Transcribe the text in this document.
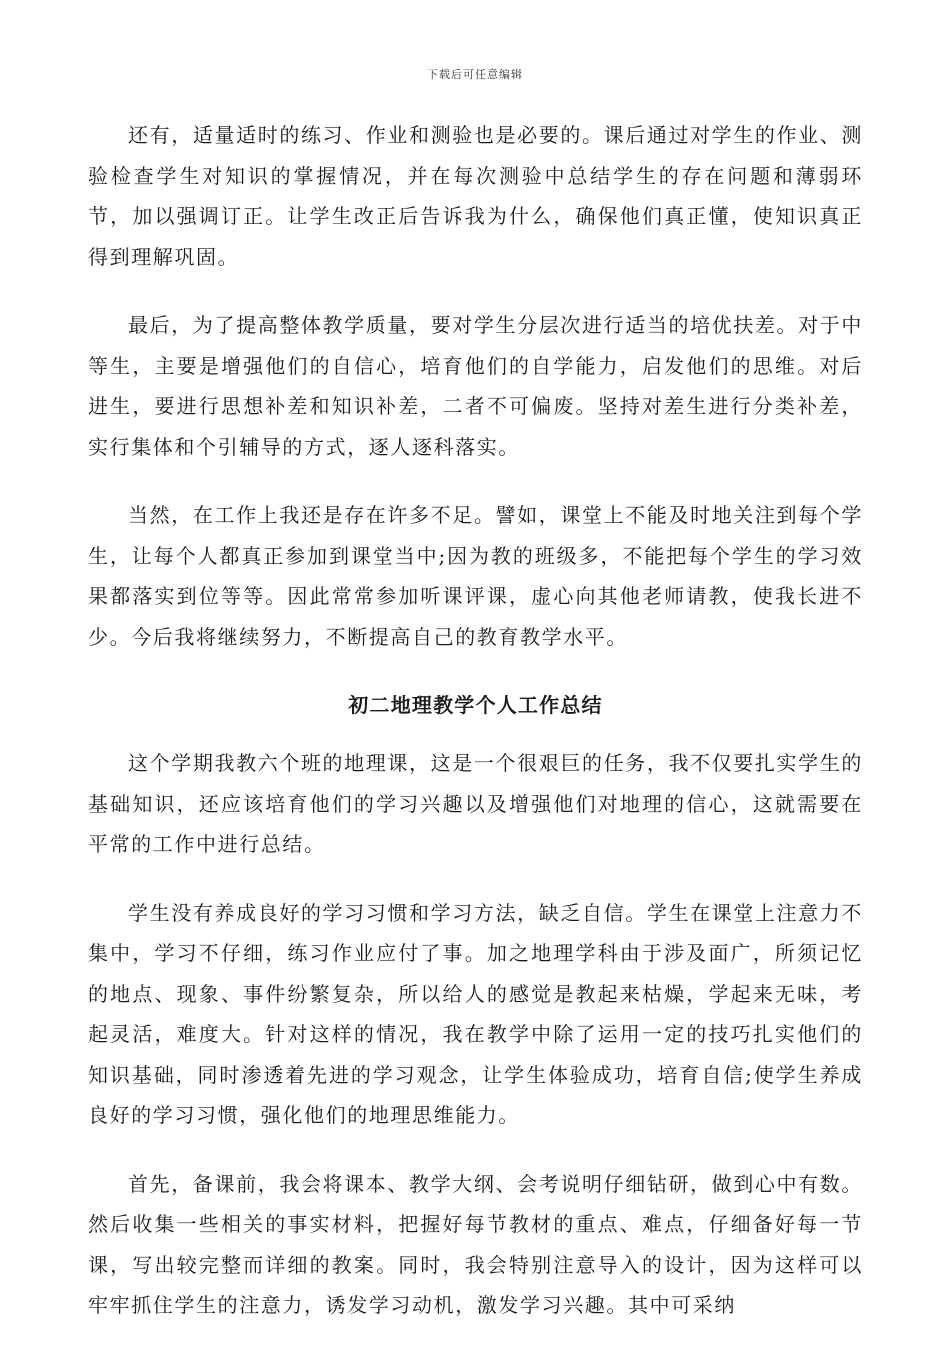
下载后可任意编辑

还有，适量适时的练习、作业和测验也是必要的。课后通过对学生的作业、测验检查学生对知识的掌握情况，并在每次测验中总结学生的存在问题和薄弱环节，加以强调订正。让学生改正后告诉我为什么，确保他们真正懂，使知识真正得到理解巩固。

最后，为了提高整体教学质量，要对学生分层次进行适当的培优扶差。对于中等生，主要是增强他们的自信心，培育他们的自学能力，启发他们的思维。对后进生，要进行思想补差和知识补差，二者不可偏废。坚持对差生进行分类补差，实行集体和个引辅导的方式，逐人逐科落实。

当然，在工作上我还是存在许多不足。譬如，课堂上不能及时地关注到每个学生，让每个人都真正参加到课堂当中;因为教的班级多，不能把每个学生的学习效果都落实到位等等。因此常常参加听课评课，虚心向其他老师请教，使我长进不少。今后我将继续努力，不断提高自己的教育教学水平。

初二地理教学个人工作总结

这个学期我教六个班的地理课，这是一个很艰巨的任务，我不仅要扎实学生的基础知识，还应该培育他们的学习兴趣以及增强他们对地理的信心，这就需要在平常的工作中进行总结。

学生没有养成良好的学习习惯和学习方法，缺乏自信。学生在课堂上注意力不集中，学习不仔细，练习作业应付了事。加之地理学科由于涉及面广，所须记忆的地点、现象、事件纷繁复杂，所以给人的感觉是教起来枯燥，学起来无味，考起灵活，难度大。针对这样的情况，我在教学中除了运用一定的技巧扎实他们的知识基础，同时渗透着先进的学习观念，让学生体验成功，培育自信;使学生养成良好的学习习惯，强化他们的地理思维能力。

首先，备课前，我会将课本、教学大纲、会考说明仔细钻研，做到心中有数。然后收集一些相关的事实材料，把握好每节教材的重点、难点，仔细备好每一节课，写出较完整而详细的教案。同时，我会特别注意导入的设计，因为这样可以牢牢抓住学生的注意力，诱发学习动机，激发学习兴趣。其中可采纳
